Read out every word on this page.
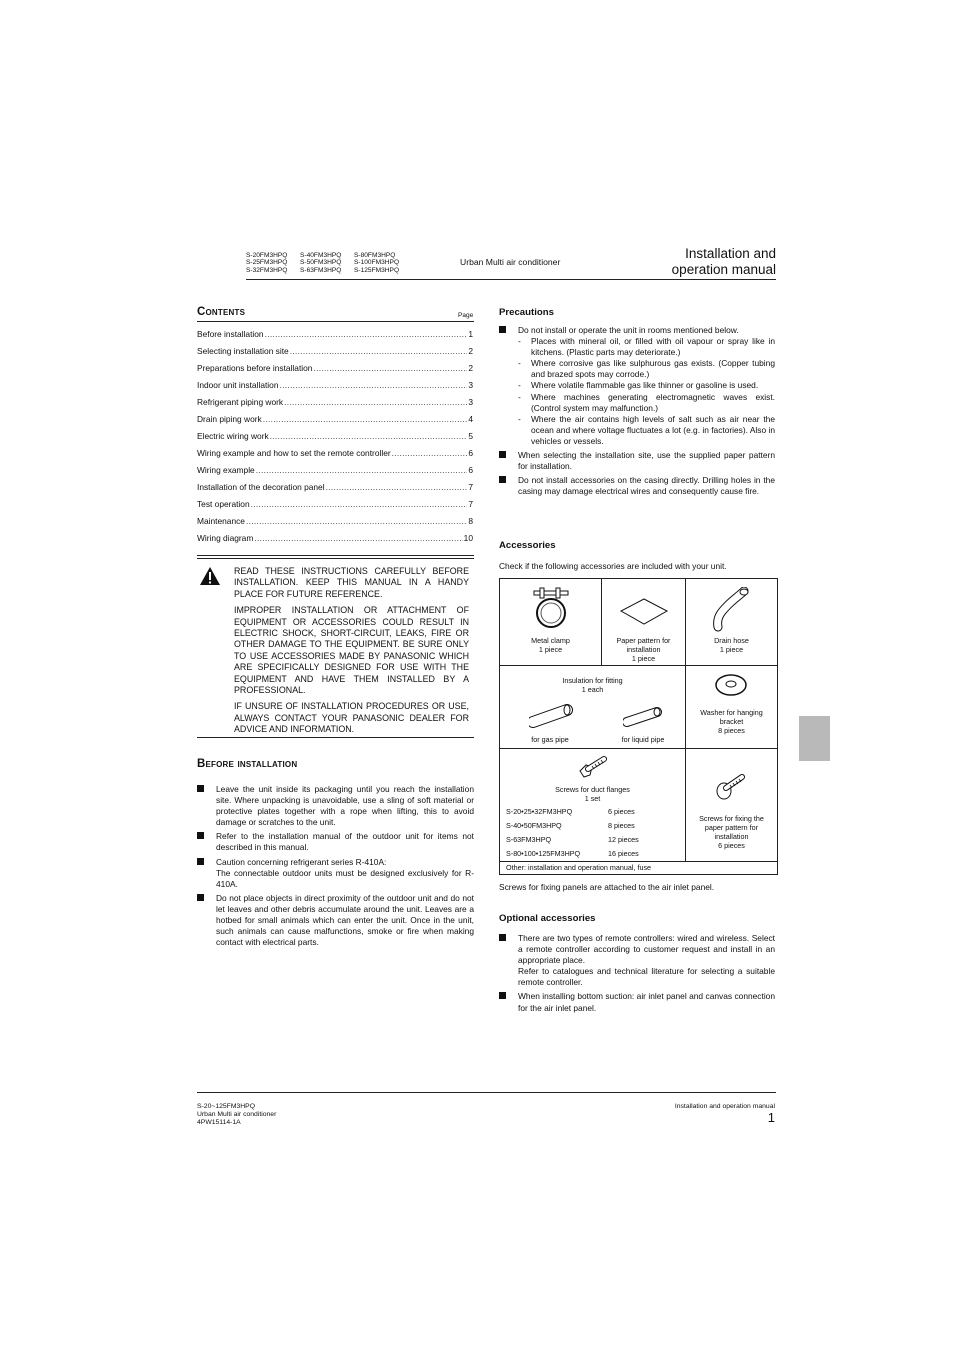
S-20FM3HPQ
S-25FM3HPQ
S-32FM3HPQ
S-40FM3HPQ
S-50FM3HPQ
S-63FM3HPQ
S-80FM3HPQ
S-100FM3HPQ
S-125FM3HPQ
Urban Multi air conditioner
Installation and
operation manual
Contents	Page
Before installation .....	1
Selecting installation site .....	2
Preparations before installation .....	2
Indoor unit installation .....	3
Refrigerant piping work .....	3
Drain piping work .....	4
Electric wiring work .....	5
Wiring example and how to set the remote controller .....	6
Wiring example .....	6
Installation of the decoration panel .....	7
Test operation .....	7
Maintenance .....	8
Wiring diagram .....	10

READ THESE INSTRUCTIONS CAREFULLY BEFORE INSTALLATION. KEEP THIS MANUAL IN A HANDY PLACE FOR FUTURE REFERENCE.

IMPROPER INSTALLATION OR ATTACHMENT OF EQUIPMENT OR ACCESSORIES COULD RESULT IN ELECTRIC SHOCK, SHORT-CIRCUIT, LEAKS, FIRE OR OTHER DAMAGE TO THE EQUIPMENT. BE SURE ONLY TO USE ACCESSORIES MADE BY PANASONIC WHICH ARE SPECIFICALLY DESIGNED FOR USE WITH THE EQUIPMENT AND HAVE THEM INSTALLED BY A PROFESSIONAL.

IF UNSURE OF INSTALLATION PROCEDURES OR USE, ALWAYS CONTACT YOUR PANASONIC DEALER FOR ADVICE AND INFORMATION.

Before installation
Leave the unit inside its packaging until you reach the installation site. Where unpacking is unavoidable, use a sling of soft material or protective plates together with a rope when lifting, this to avoid damage or scratches to the unit.
Refer to the installation manual of the outdoor unit for items not described in this manual.
Caution concerning refrigerant series R-410A:
The connectable outdoor units must be designed exclusively for R-410A.
Do not place objects in direct proximity of the outdoor unit and do not let leaves and other debris accumulate around the unit. Leaves are a hotbed for small animals which can enter the unit. Once in the unit, such animals can cause malfunctions, smoke or fire when making contact with electrical parts.
Precautions
Do not install or operate the unit in rooms mentioned below.
- Places with mineral oil, or filled with oil vapour or spray like in kitchens. (Plastic parts may deteriorate.)
- Where corrosive gas like sulphurous gas exists. (Copper tubing and brazed spots may corrode.)
- Where volatile flammable gas like thinner or gasoline is used.
- Where machines generating electromagnetic waves exist. (Control system may malfunction.)
- Where the air contains high levels of salt such as air near the ocean and where voltage fluctuates a lot (e.g. in factories). Also in vehicles or vessels.
When selecting the installation site, use the supplied paper pattern for installation.
Do not install accessories on the casing directly. Drilling holes in the casing may damage electrical wires and consequently cause fire.
Accessories
Check if the following accessories are included with your unit.
Metal clamp
1 piece
Paper pattern for installation
1 piece
Drain hose
1 piece
Insulation for fitting
1 each
for gas pipe	for liquid pipe
Washer for hanging bracket
8 pieces
Screws for duct flanges
1 set
S-20•25•32FM3HPQ	6 pieces
S-40•50FM3HPQ	8 pieces
S-63FM3HPQ	12 pieces
S-80•100•125FM3HPQ	16 pieces
Screws for fixing the paper pattern for installation
6 pieces
Other: installation and operation manual, fuse
Screws for fixing panels are attached to the air inlet panel.
Optional accessories
There are two types of remote controllers: wired and wireless. Select a remote controller according to customer request and install in an appropriate place.
Refer to catalogues and technical literature for selecting a suitable remote controller.
When installing bottom suction: air inlet panel and canvas connection for the air inlet panel.
S-20~125FM3HPQ
Urban Multi air conditioner
4PW15114-1A
Installation and operation manual
1
